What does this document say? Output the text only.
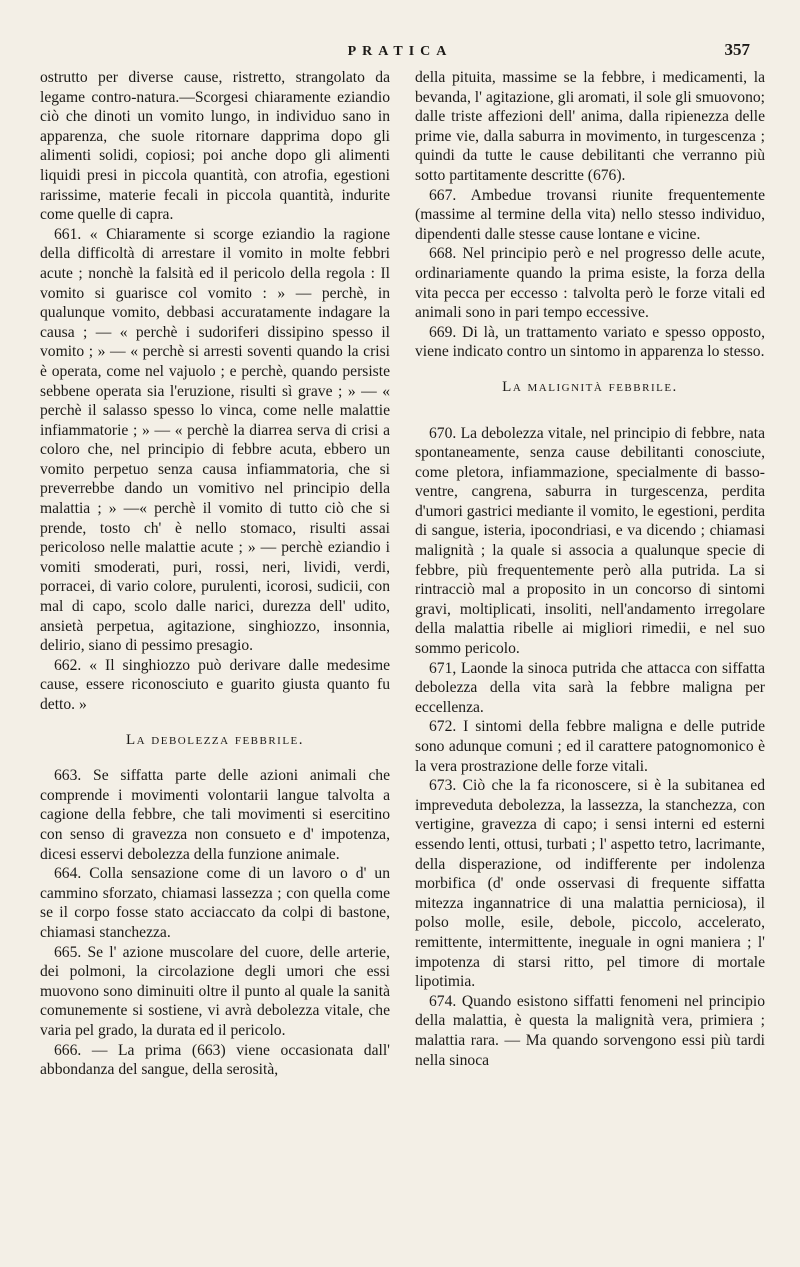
PRATICA	357

ostrutto per diverse cause, ristretto, strangolato da legame contro-natura.—Scorgesi chiaramente eziandio ciò che dinoti un vomito lungo, in individuo sano in apparenza, che suole ritornare dapprima dopo gli alimenti solidi, copiosi; poi anche dopo gli alimenti liquidi presi in piccola quantità, con atrofia, egestioni rarissime, materie fecali in piccola quantità, indurite come quelle di capra.

661. « Chiaramente si scorge eziandio la ragione della difficoltà di arrestare il vomito in molte febbri acute ; nonchè la falsità ed il pericolo della regola : Il vomito si guarisce col vomito : » — perchè, in qualunque vomito, debbasi accuratamente indagare la causa ; — « perchè i sudoriferi dissipino spesso il vomito ; » — « perchè si arresti soventi quando la crisi è operata, come nel vajuolo ; e perchè, quando persiste sebbene operata sia l'eruzione, risulti sì grave ; » — « perchè il salasso spesso lo vinca, come nelle malattie infiammatorie ; » — « perchè la diarrea serva di crisi a coloro che, nel principio di febbre acuta, ebbero un vomito perpetuo senza causa infiammatoria, che si preverrebbe dando un vomitivo nel principio della malattia ; » —« perchè il vomito di tutto ciò che si prende, tosto ch' è nello stomaco, risulti assai pericoloso nelle malattie acute ; » — perchè eziandio i vomiti smoderati, puri, rossi, neri, lividi, verdi, porracei, di vario colore, purulenti, icorosi, sudicii, con mal di capo, scolo dalle narici, durezza dell' udito, ansietà perpetua, agitazione, singhiozzo, insonnia, delirio, siano di pessimo presagio.

662. « Il singhiozzo può derivare dalle medesime cause, essere riconosciuto e guarito giusta quanto fu detto. »

La debolezza febbrile.

663. Se siffatta parte delle azioni animali che comprende i movimenti volontarii langue talvolta a cagione della febbre, che tali movimenti si esercitino con senso di gravezza non consueto e d' impotenza, dicesi esservi debolezza della funzione animale.

664. Colla sensazione come di un lavoro o d' un cammino sforzato, chiamasi lassezza ; con quella come se il corpo fosse stato acciaccato da colpi di bastone, chiamasi stanchezza.

665. Se l' azione muscolare del cuore, delle arterie, dei polmoni, la circolazione degli umori che essi muovono sono diminuiti oltre il punto al quale la sanità comunemente si sostiene, vi avrà debolezza vitale, che varia pel grado, la durata ed il pericolo.

666. — La prima (663) viene occasionata dall' abbondanza del sangue, della serosità,

della pituita, massime se la febbre, i medicamenti, la bevanda, l' agitazione, gli aromati, il sole gli smuovono; dalle triste affezioni dell' anima, dalla ripienezza delle prime vie, dalla saburra in movimento, in turgescenza ; quindi da tutte le cause debilitanti che verranno più sotto partitamente descritte (676).

667. Ambedue trovansi riunite frequentemente (massime al termine della vita) nello stesso individuo, dipendenti dalle stesse cause lontane e vicine.

668. Nel principio però e nel progresso delle acute, ordinariamente quando la prima esiste, la forza della vita pecca per eccesso : talvolta però le forze vitali ed animali sono in pari tempo eccessive.

669. Di là, un trattamento variato e spesso opposto, viene indicato contro un sintomo in apparenza lo stesso.

La malignità febbrile.

670. La debolezza vitale, nel principio di febbre, nata spontaneamente, senza cause debilitanti conosciute, come pletora, infiammazione, specialmente di basso-ventre, cangrena, saburra in turgescenza, perdita d'umori gastrici mediante il vomito, le egestioni, perdita di sangue, isteria, ipocondriasi, e va dicendo ; chiamasi malignità ; la quale si associa a qualunque specie di febbre, più frequentemente però alla putrida. La si rintracciò mal a proposito in un concorso di sintomi gravi, moltiplicati, insoliti, nell'andamento irregolare della malattia ribelle ai migliori rimedii, e nel suo sommo pericolo.

671, Laonde la sinoca putrida che attacca con siffatta debolezza della vita sarà la febbre maligna per eccellenza.

672. I sintomi della febbre maligna e delle putride sono adunque comuni ; ed il carattere patognomonico è la vera prostrazione delle forze vitali.

673. Ciò che la fa riconoscere, si è la subitanea ed impreveduta debolezza, la lassezza, la stanchezza, con vertigine, gravezza di capo; i sensi interni ed esterni essendo lenti, ottusi, turbati ; l' aspetto tetro, lacrimante, della disperazione, od indifferente per indolenza morbifica (d' onde osservasi di frequente siffatta mitezza ingannatrice di una malattia perniciosa), il polso molle, esile, debole, piccolo, accelerato, remittente, intermittente, ineguale in ogni maniera ; l' impotenza di starsi ritto, pel timore di mortale lipotimia.

674. Quando esistono siffatti fenomeni nel principio della malattia, è questa la malignità vera, primiera ; malattia rara. — Ma quando sorvengono essi più tardi nella sinoca
